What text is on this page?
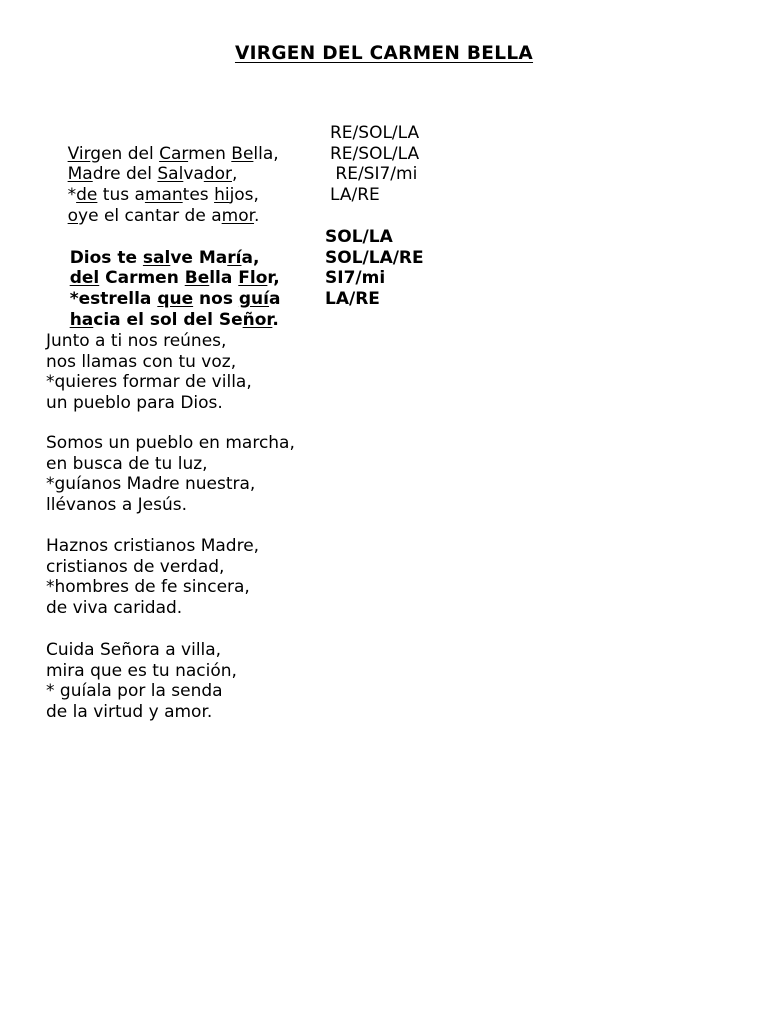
VIRGEN DEL CARMEN BELLA

Virgen del Carmen Bella,

RE/SOL/LA

Madre del Salvador,

RE/SOL/LA

*de tus amantes hijos,

RE/SI7/mi

oye el cantar de amor.

LA/RE

Dios te salve María,

SOL/LA

del Carmen Bella Flor,

SOL/LA/RE

*estrella que nos guía

SI7/mi

hacia el sol del Señor.

LA/RE

Junto a ti nos reúnes,
nos llamas con tu voz,
*quieres formar de villa,
un pueblo para Dios.
Somos un pueblo en marcha,
en busca de tu luz,
*guíanos Madre nuestra,
llévanos a Jesús.
Haznos cristianos Madre,
cristianos de verdad,
*hombres de fe sincera,
de viva caridad.
Cuida Señora a villa,
mira que es tu nación,
* guíala por la senda
de la virtud y amor.
